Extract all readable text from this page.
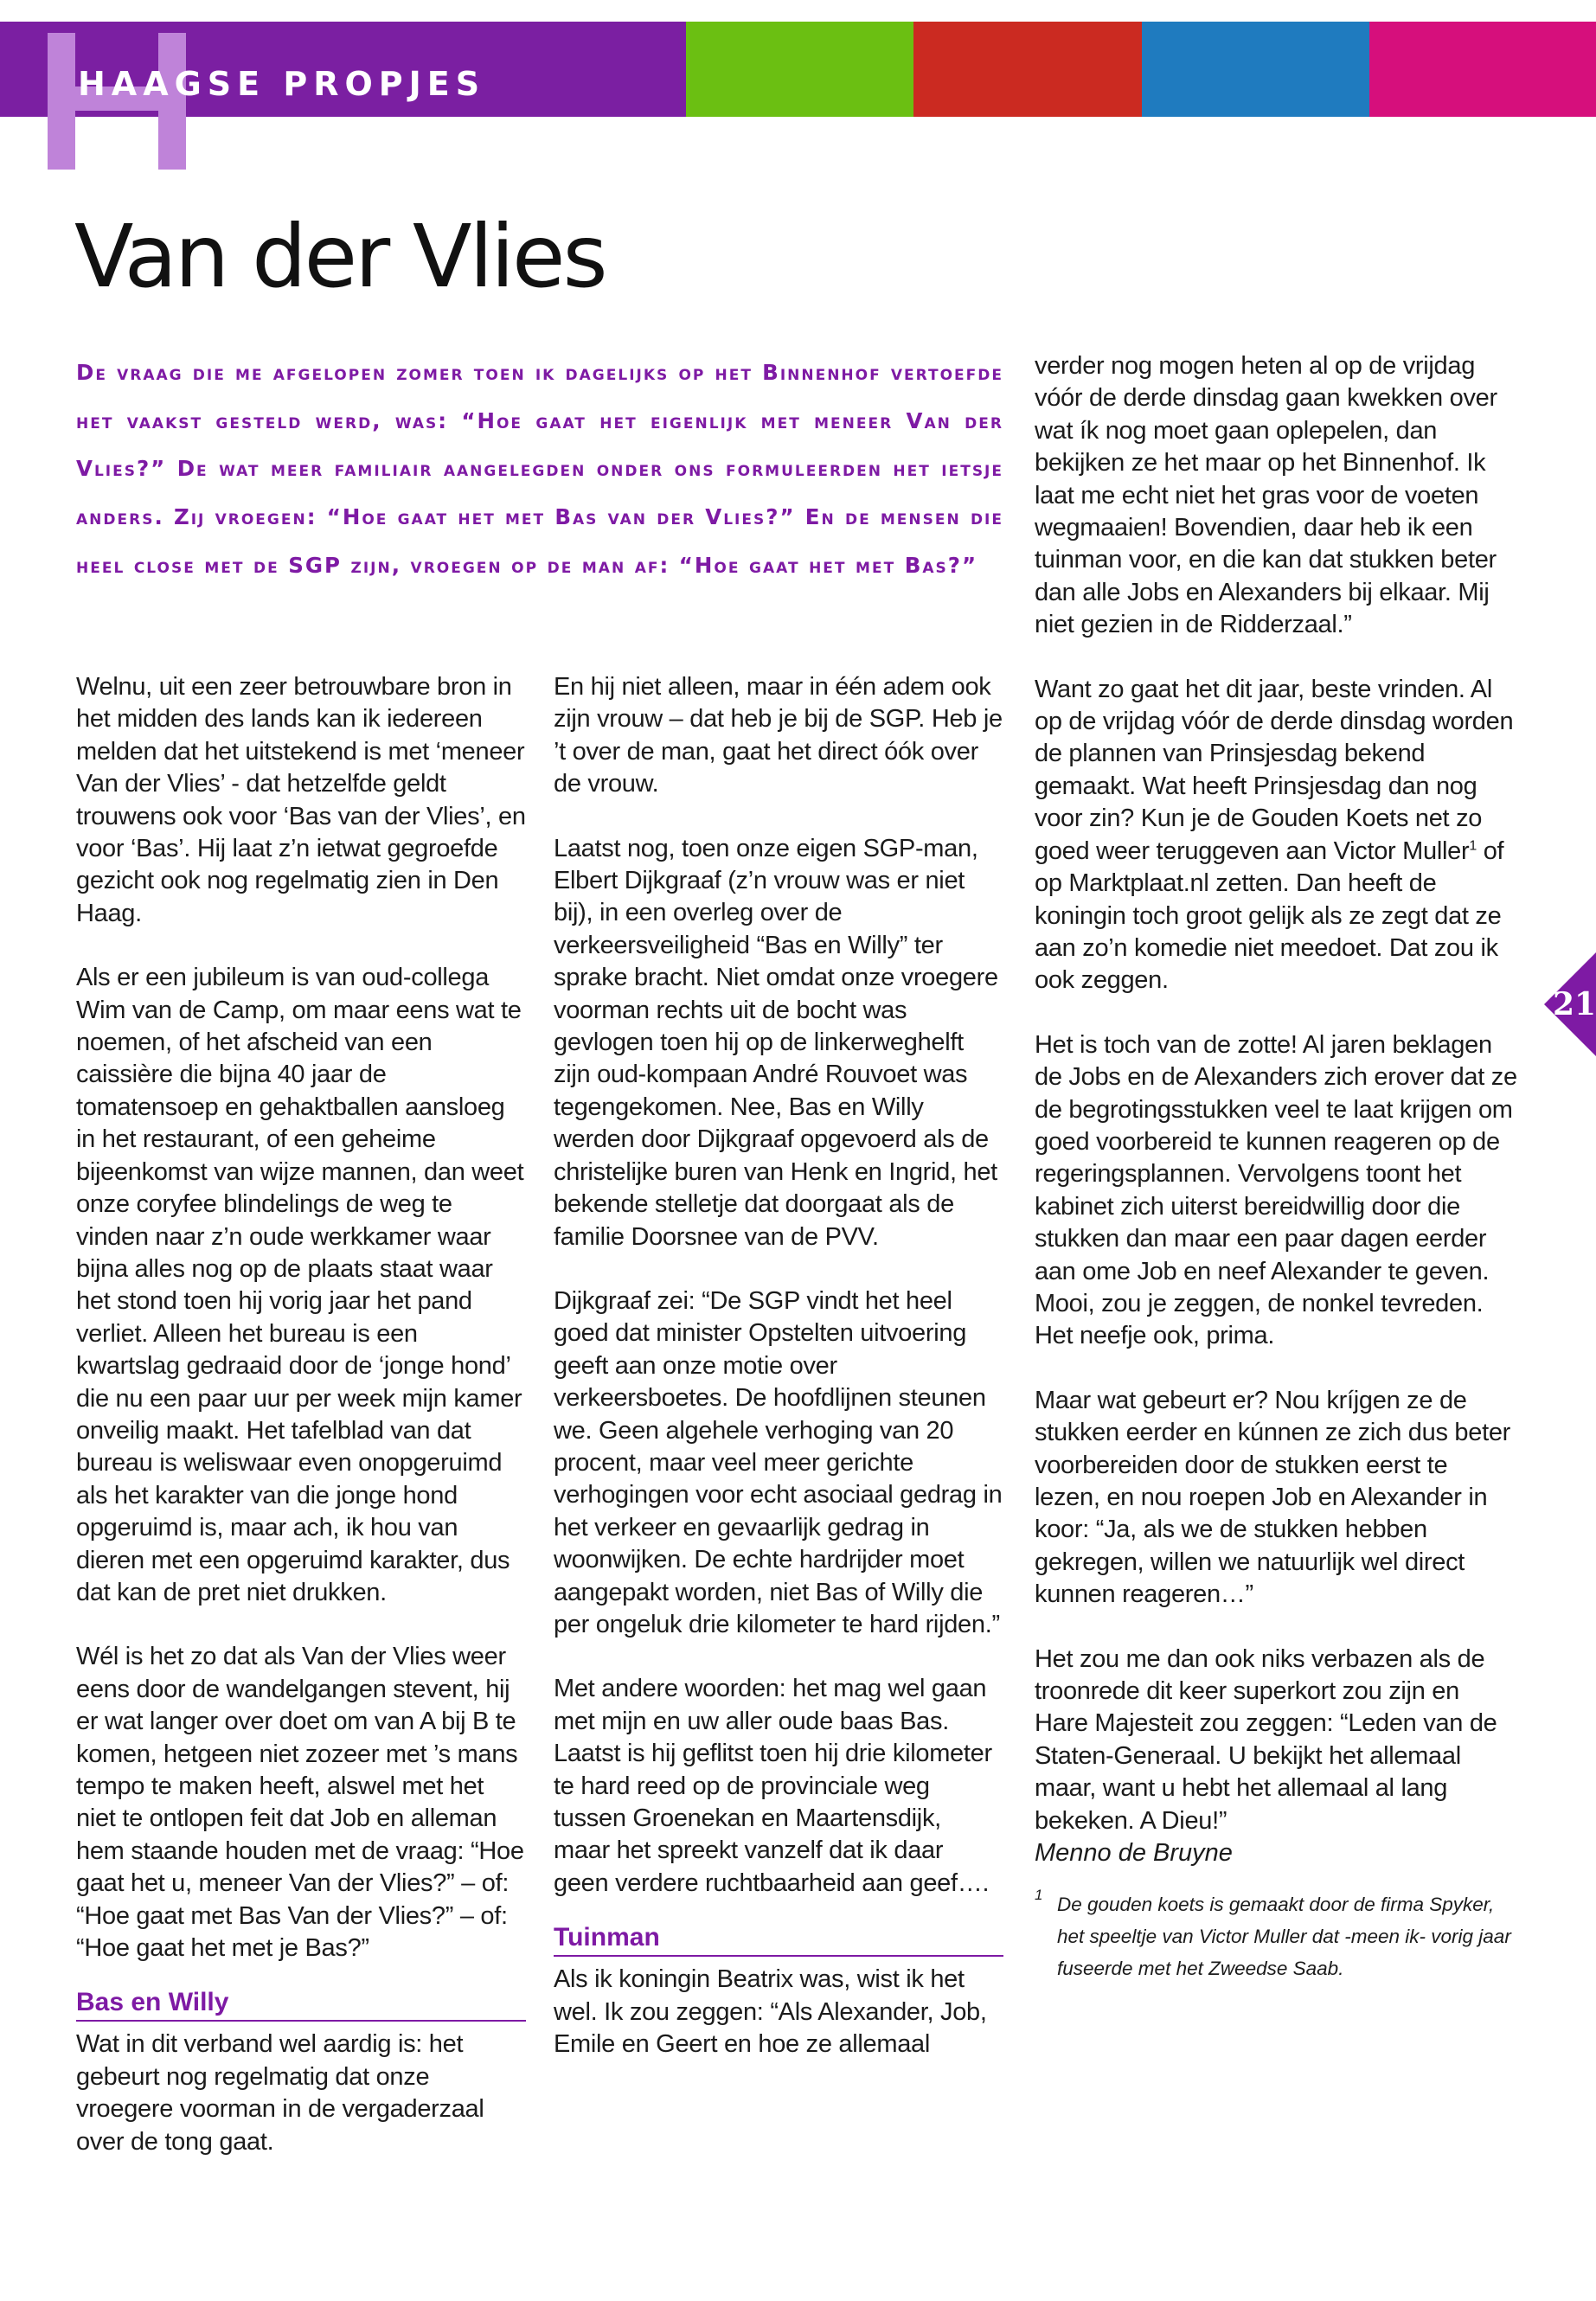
HAAGSE PROPJES
Van der Vlies

De vraag die me afgelopen zomer toen ik dagelijks op het Binnenhof vertoefde het vaakst gesteld werd, was: “Hoe gaat het eigenlijk met meneer Van der Vlies?” De wat meer familiair aangelegden onder ons formuleerden het ietsje anders. Zij vroegen: “Hoe gaat het met Bas van der Vlies?” En de mensen die heel close met de SGP zijn, vroegen op de man af: “Hoe gaat het met Bas?”

Welnu, uit een zeer betrouwbare bron in het midden des lands kan ik iedereen melden dat het uitstekend is met ‘meneer Van der Vlies’ - dat hetzelfde geldt trouwens ook voor ‘Bas van der Vlies’, en voor ‘Bas’. Hij laat z’n ietwat gegroefde gezicht ook nog regelmatig zien in Den Haag.

Als er een jubileum is van oud-collega Wim van de Camp, om maar eens wat te noemen, of het afscheid van een caissière die bijna 40 jaar de tomatensoep en gehaktballen aansloeg in het restaurant, of een geheime bijeenkomst van wijze mannen, dan weet onze coryfee blindelings de weg te vinden naar z’n oude werkkamer waar bijna alles nog op de plaats staat waar het stond toen hij vorig jaar het pand verliet. Alleen het bureau is een kwartslag gedraaid door de ‘jonge hond’ die nu een paar uur per week mijn kamer onveilig maakt. Het tafelblad van dat bureau is weliswaar even onopgeruimd als het karakter van die jonge hond opgeruimd is, maar ach, ik hou van dieren met een opgeruimd karakter, dus dat kan de pret niet drukken.

Wél is het zo dat als Van der Vlies weer eens door de wandelgangen stevent, hij er wat langer over doet om van A bij B te komen, hetgeen niet zozeer met ’s mans tempo te maken heeft, alswel met het niet te ontlopen feit dat Job en alleman hem staande houden met de vraag: “Hoe gaat het u, meneer Van der Vlies?” – of: “Hoe gaat met Bas Van der Vlies?” – of: “Hoe gaat het met je Bas?”

Bas en Willy

Wat in dit verband wel aardig is: het gebeurt nog regelmatig dat onze vroegere voorman in de vergaderzaal over de tong gaat.

En hij niet alleen, maar in één adem ook zijn vrouw – dat heb je bij de SGP. Heb je ’t over de man, gaat het direct óók over de vrouw.

Laatst nog, toen onze eigen SGP-man, Elbert Dijkgraaf (z’n vrouw was er niet bij), in een overleg over de verkeersveiligheid “Bas en Willy” ter sprake bracht. Niet omdat onze vroegere voorman rechts uit de bocht was gevlogen toen hij op de linkerweghelft zijn oud-kompaan André Rouvoet was tegengekomen. Nee, Bas en Willy werden door Dijkgraaf opgevoerd als de christelijke buren van Henk en Ingrid, het bekende stelletje dat doorgaat als de familie Doorsnee van de PVV.

Dijkgraaf zei: “De SGP vindt het heel goed dat minister Opstelten uitvoering geeft aan onze motie over verkeersboetes. De hoofdlijnen steunen we. Geen algehele verhoging van 20 procent, maar veel meer gerichte verhogingen voor echt asociaal gedrag in het verkeer en gevaarlijk gedrag in woonwijken. De echte hardrijder moet aangepakt worden, niet Bas of Willy die per ongeluk drie kilometer te hard rijden.”

Met andere woorden: het mag wel gaan met mijn en uw aller oude baas Bas. Laatst is hij geflitst toen hij drie kilometer te hard reed op de provinciale weg tussen Groenekan en Maartensdijk, maar het spreekt vanzelf dat ik daar geen verdere ruchtbaarheid aan geef….

Tuinman

Als ik koningin Beatrix was, wist ik het wel. Ik zou zeggen: “Als Alexander, Job, Emile en Geert en hoe ze allemaal

verder nog mogen heten al op de vrijdag vóór de derde dinsdag gaan kwekken over wat ík nog moet gaan oplepelen, dan bekijken ze het maar op het Binnenhof. Ik laat me echt niet het gras voor de voeten wegmaaien! Bovendien, daar heb ik een tuinman voor, en die kan dat stukken beter dan alle Jobs en Alexanders bij elkaar. Mij niet gezien in de Ridderzaal.”

Want zo gaat het dit jaar, beste vrinden. Al op de vrijdag vóór de derde dinsdag worden de plannen van Prinsjesdag bekend gemaakt. Wat heeft Prinsjesdag dan nog voor zin? Kun je de Gouden Koets net zo goed weer teruggeven aan Victor Muller$^1$ of op Marktplaat.nl zetten. Dan heeft de koningin toch groot gelijk als ze zegt dat ze aan zo’n komedie niet meedoet. Dat zou ik ook zeggen.

Het is toch van de zotte! Al jaren beklagen de Jobs en de Alexanders zich erover dat ze de begrotingsstukken veel te laat krijgen om goed voorbereid te kunnen reageren op de regeringsplannen. Vervolgens toont het kabinet zich uiterst bereidwillig door die stukken dan maar een paar dagen eerder aan ome Job en neef Alexander te geven. Mooi, zou je zeggen, de nonkel tevreden. Het neefje ook, prima.

Maar wat gebeurt er? Nou kríjgen ze de stukken eerder en kúnnen ze zich dus beter voorbereiden door de stukken eerst te lezen, en nou roepen Job en Alexander in koor: “Ja, als we de stukken hebben gekregen, willen we natuurlijk wel direct kunnen reageren…”

Het zou me dan ook niks verbazen als de troonrede dit keer superkort zou zijn en Hare Majesteit zou zeggen: “Leden van de Staten-Generaal. U bekijkt het allemaal maar, want u hebt het allemaal al lang bekeken. A Dieu!”

Menno de Bruyne

1 De gouden koets is gemaakt door de firma Spyker, het speeltje van Victor Muller dat -meen ik- vorig jaar fuseerde met het Zweedse Saab.

21
